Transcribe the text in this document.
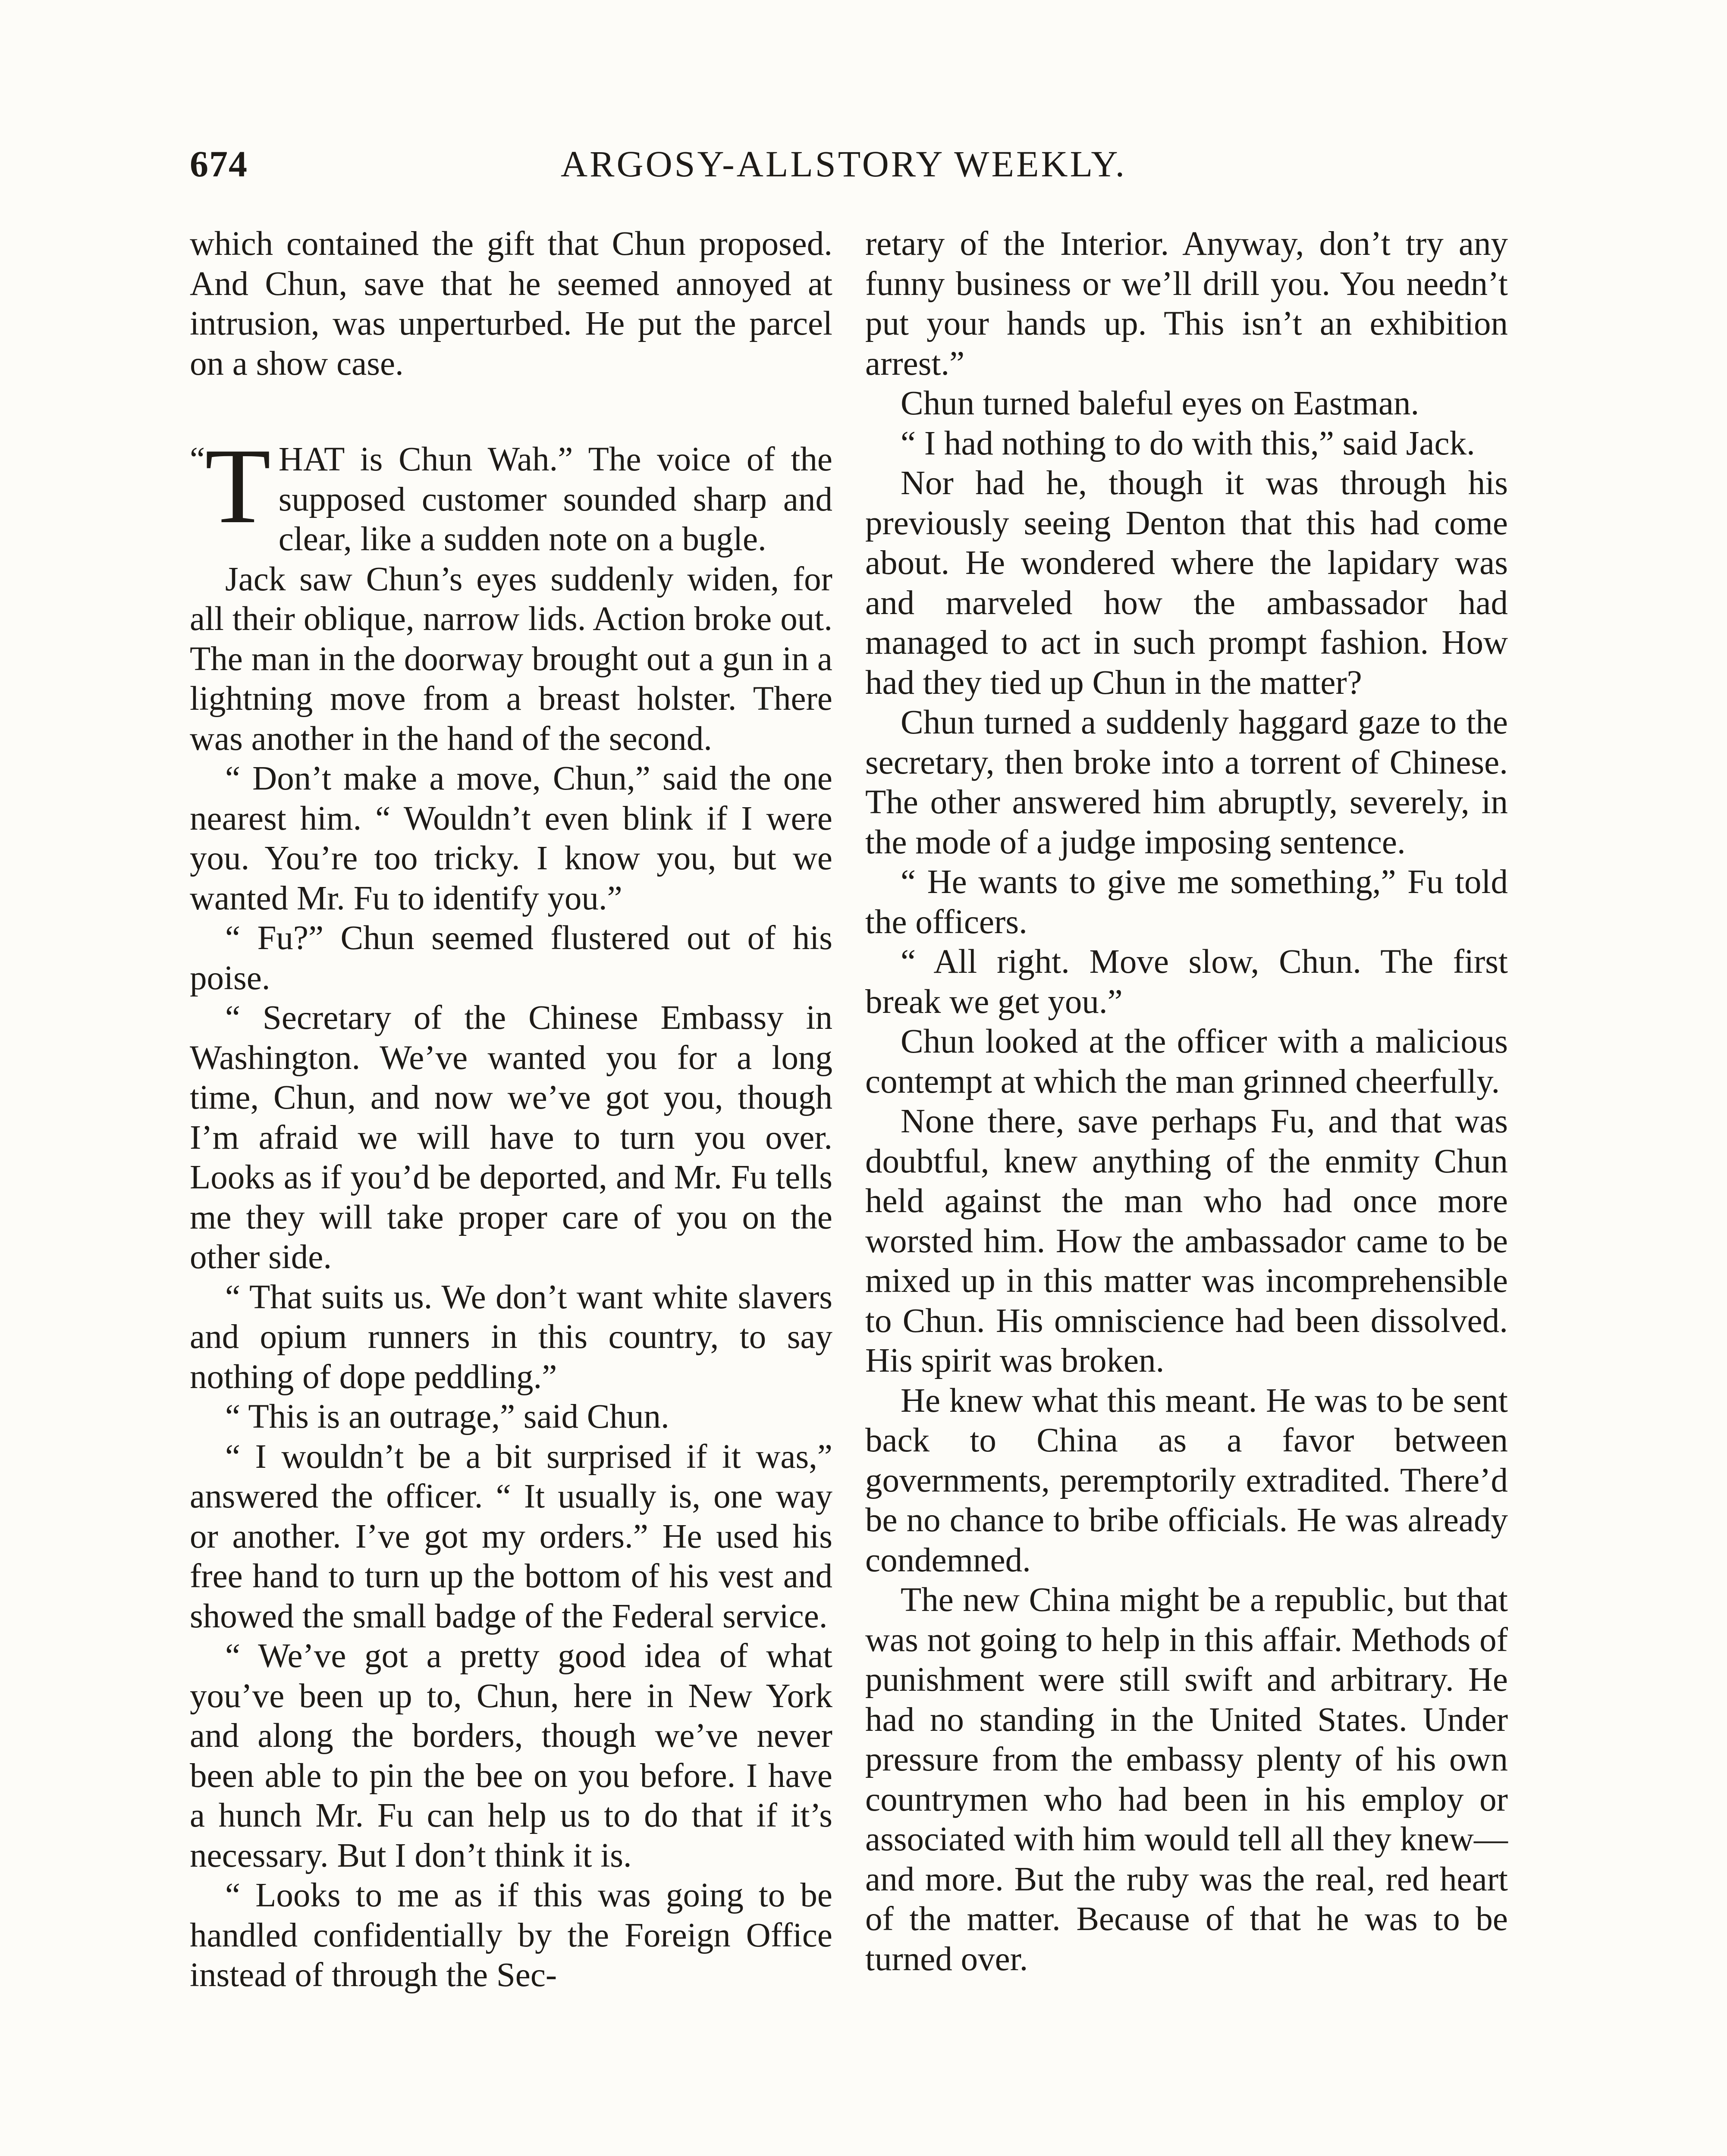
674	ARGOSY-ALLSTORY WEEKLY.

which contained the gift that Chun proposed. And Chun, save that he seemed annoyed at intrusion, was unperturbed. He put the parcel on a show case.

“ T HAT is Chun Wah.” The voice of the supposed customer sounded sharp and clear, like a sudden note on a bugle.

Jack saw Chun’s eyes suddenly widen, for all their oblique, narrow lids. Action broke out. The man in the doorway brought out a gun in a lightning move from a breast holster. There was another in the hand of the second.

“ Don’t make a move, Chun,” said the one nearest him. “ Wouldn’t even blink if I were you. You’re too tricky. I know you, but we wanted Mr. Fu to identify you.”

“ Fu?” Chun seemed flustered out of his poise.

“ Secretary of the Chinese Embassy in Washington. We’ve wanted you for a long time, Chun, and now we’ve got you, though I’m afraid we will have to turn you over. Looks as if you’d be deported, and Mr. Fu tells me they will take proper care of you on the other side.

“ That suits us. We don’t want white slavers and opium runners in this country, to say nothing of dope peddling.”

“ This is an outrage,” said Chun.

“ I wouldn’t be a bit surprised if it was,” answered the officer. “ It usually is, one way or another. I’ve got my orders.” He used his free hand to turn up the bottom of his vest and showed the small badge of the Federal service.

“ We’ve got a pretty good idea of what you’ve been up to, Chun, here in New York and along the borders, though we’ve never been able to pin the bee on you before. I have a hunch Mr. Fu can help us to do that if it’s necessary. But I don’t think it is.

“ Looks to me as if this was going to be handled confidentially by the Foreign Office instead of through the Sec-

retary of the Interior. Anyway, don’t try any funny business or we’ll drill you. You needn’t put your hands up. This isn’t an exhibition arrest.”

Chun turned baleful eyes on Eastman.

“ I had nothing to do with this,” said Jack.

Nor had he, though it was through his previously seeing Denton that this had come about. He wondered where the lapidary was and marveled how the ambassador had managed to act in such prompt fashion. How had they tied up Chun in the matter?

Chun turned a suddenly haggard gaze to the secretary, then broke into a torrent of Chinese. The other answered him abruptly, severely, in the mode of a judge imposing sentence.

“ He wants to give me something,” Fu told the officers.

“ All right. Move slow, Chun. The first break we get you.”

Chun looked at the officer with a malicious contempt at which the man grinned cheerfully.

None there, save perhaps Fu, and that was doubtful, knew anything of the enmity Chun held against the man who had once more worsted him. How the ambassador came to be mixed up in this matter was incomprehensible to Chun. His omniscience had been dissolved. His spirit was broken.

He knew what this meant. He was to be sent back to China as a favor between governments, peremptorily extradited. There’d be no chance to bribe officials. He was already condemned.

The new China might be a republic, but that was not going to help in this affair. Methods of punishment were still swift and arbitrary. He had no standing in the United States. Under pressure from the embassy plenty of his own countrymen who had been in his employ or associated with him would tell all they knew—and more. But the ruby was the real, red heart of the matter. Because of that he was to be turned over.
